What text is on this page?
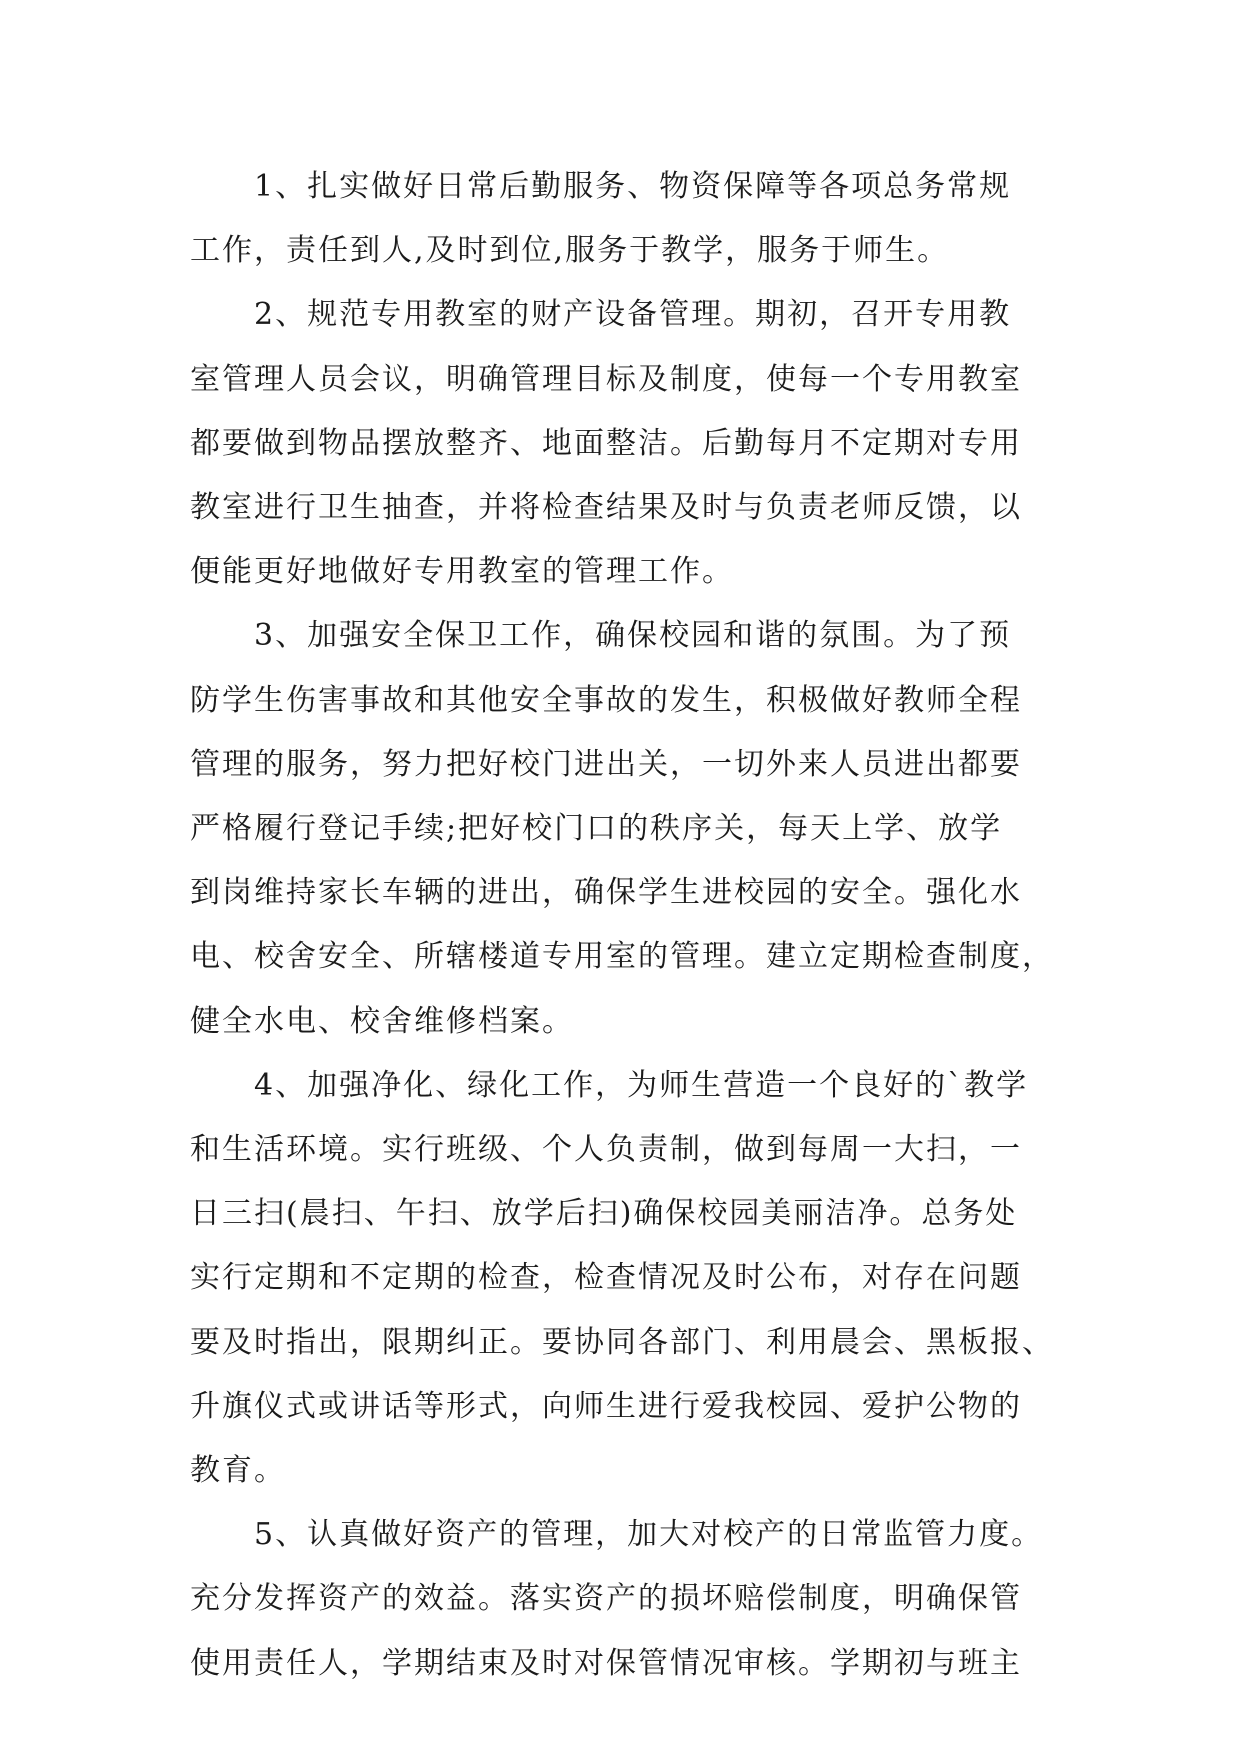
1、扎实做好日常后勤服务、物资保障等各项总务常规
工作，责任到人,及时到位,服务于教学，服务于师生。
2、规范专用教室的财产设备管理。期初，召开专用教
室管理人员会议，明确管理目标及制度，使每一个专用教室
都要做到物品摆放整齐、地面整洁。后勤每月不定期对专用
教室进行卫生抽查，并将检查结果及时与负责老师反馈，以
便能更好地做好专用教室的管理工作。
3、加强安全保卫工作，确保校园和谐的氛围。为了预
防学生伤害事故和其他安全事故的发生，积极做好教师全程
管理的服务，努力把好校门进出关，一切外来人员进出都要
严格履行登记手续;把好校门口的秩序关，每天上学、放学
到岗维持家长车辆的进出，确保学生进校园的安全。强化水
电、校舍安全、所辖楼道专用室的管理。建立定期检查制度，
健全水电、校舍维修档案。
4、加强净化、绿化工作，为师生营造一个良好的`教学
和生活环境。实行班级、个人负责制，做到每周一大扫，一
日三扫(晨扫、午扫、放学后扫)确保校园美丽洁净。总务处
实行定期和不定期的检查，检查情况及时公布，对存在问题
要及时指出，限期纠正。要协同各部门、利用晨会、黑板报、
升旗仪式或讲话等形式，向师生进行爱我校园、爱护公物的
教育。
5、认真做好资产的管理，加大对校产的日常监管力度。
充分发挥资产的效益。落实资产的损坏赔偿制度，明确保管
使用责任人，学期结束及时对保管情况审核。学期初与班主
